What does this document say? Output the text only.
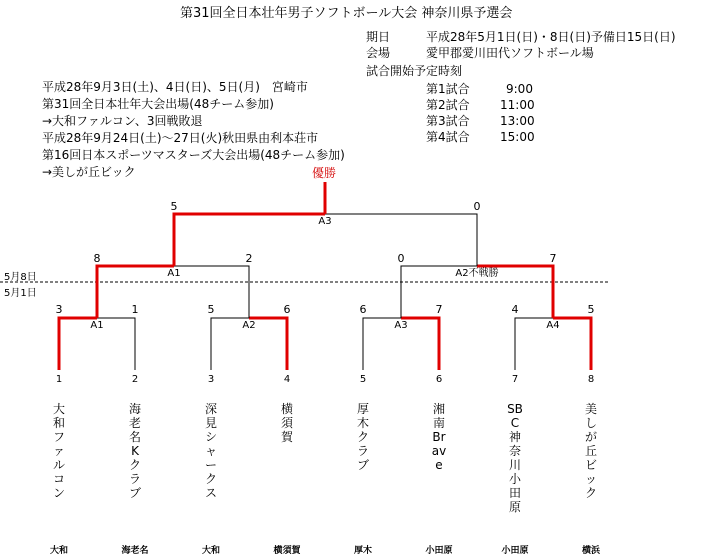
第31回全日本壮年男子ソフトボール大会 神奈川県予選会
期日	平成28年5月1日(日)・8日(日)予備日15日(日)
会場	愛甲郡愛川田代ソフトボール場
試合開始予定時刻
第1試合	9:00
第2試合	11:00
第3試合	13:00
第4試合	15:00
平成28年9月3日(土)、4日(日)、5日(月)　宮崎市
第31回全日本壮年大会出場(48チーム参加)
→大和ファルコン、3回戦敗退
平成28年9月24日(土)～27日(火)秋田県由利本荘市
第16回日本スポーツマスターズ大会出場(48チーム参加)
→美しが丘ビック	優勝
5月8日
5月1日
5	0
A3
8	2
A1
0	7
A2不戦勝
3	1
A1
5	6
A2
6	7
A3
4	5
A4
1	2	3	4	5	6	7	8
大和ファルコン
海老名Kクラブ
深見シャークス
横須賀
厚木クラブ
湘南Brave
SBC神奈川小田原
美しが丘ビック
大和	海老名	大和	横須賀	厚木	小田原	小田原	横浜
